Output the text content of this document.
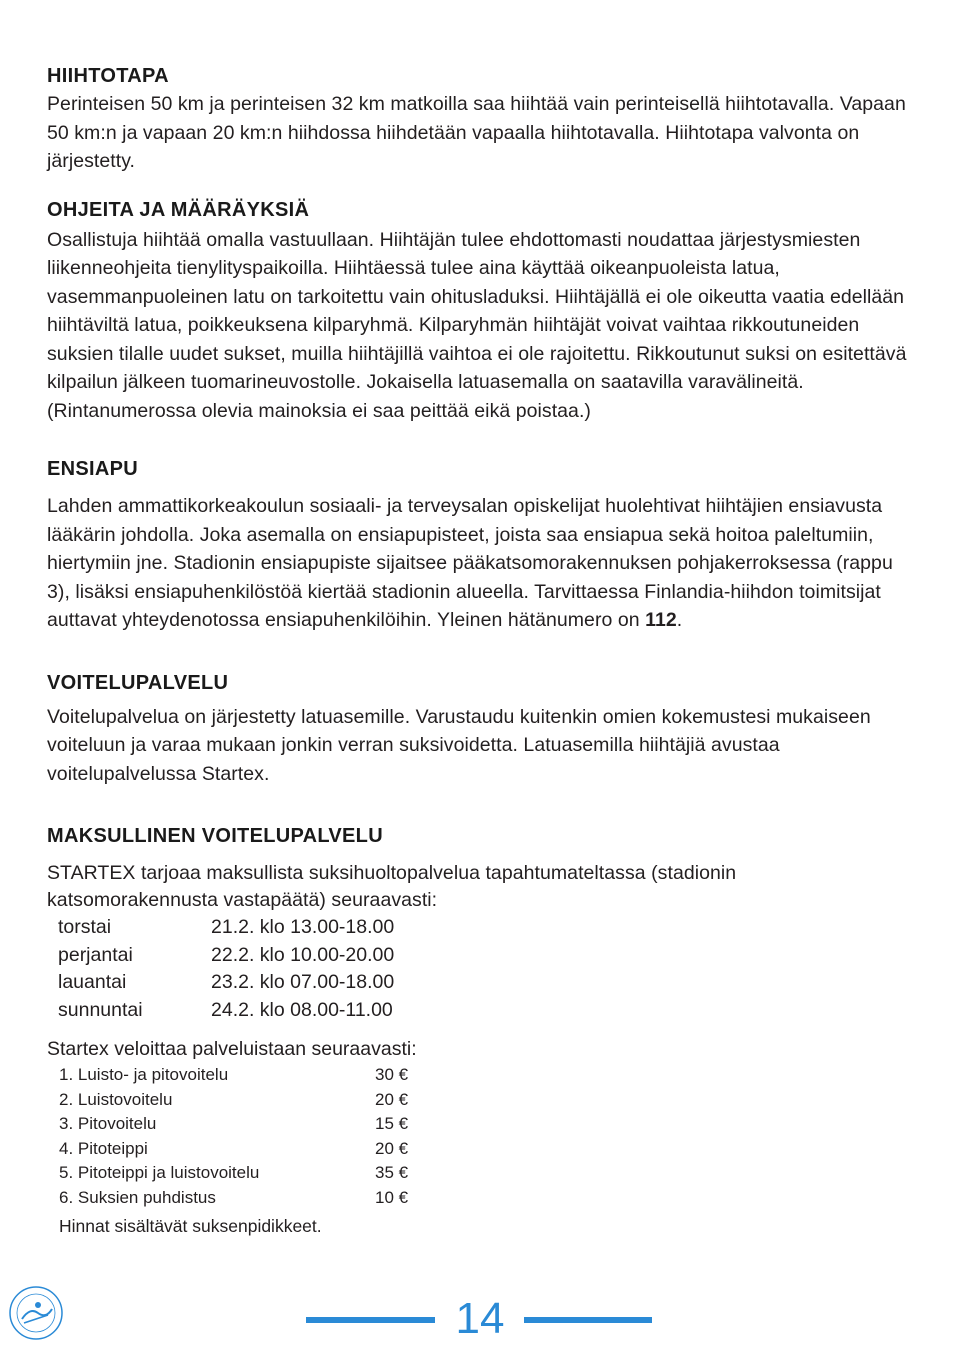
HIIHTOTAPA

Perinteisen 50 km ja perinteisen 32 km matkoilla saa hiihtää vain perinteisellä hiihtotavalla. Vapaan 50 km:n ja vapaan 20 km:n hiihdossa hiihdetään vapaalla hiihtotavalla. Hiihtotapa valvonta on järjestetty.

OHJEITA JA MÄÄRÄYKSIÄ

Osallistuja hiihtää omalla vastuullaan. Hiihtäjän tulee ehdottomasti noudattaa järjestysmiesten liikenneohjeita tienylityspaikoilla. Hiihtäessä tulee aina käyttää oikeanpuoleista latua, vasemmanpuoleinen latu on tarkoitettu vain ohitusladuksi. Hiihtäjällä ei ole oikeutta vaatia edellään hiihtäviltä latua, poikkeuksena kilparyhmä. Kilparyhmän hiihtäjät voivat vaihtaa rikkoutuneiden suksien tilalle uudet sukset, muilla hiihtäjillä vaihtoa ei ole rajoitettu. Rikkoutunut suksi on esitettävä kilpailun jälkeen tuomarineuvostolle. Jokaisella latuasemalla on saatavilla varavälineitä. (Rintanumerossa olevia mainoksia ei saa peittää eikä poistaa.)

ENSIAPU

Lahden ammattikorkeakoulun sosiaali- ja terveysalan opiskelijat huolehtivat hiihtäjien ensiavusta lääkärin johdolla. Joka asemalla on ensiapupisteet, joista saa ensiapua sekä hoitoa paleltumiin, hiertymiin jne. Stadionin ensiapupiste sijaitsee pääkatsomorakennuksen pohjakerroksessa (rappu 3), lisäksi ensiapuhenkilöstöä kiertää stadionin alueella. Tarvittaessa Finlandia-hiihdon toimitsijat auttavat yhteydenotossa ensiapuhenkilöihin. Yleinen hätänumero on 112.

VOITELUPALVELU

Voitelupalvelua on järjestetty latuasemille. Varustaudu kuitenkin omien kokemustesi mukaiseen voiteluun ja varaa mukaan jonkin verran suksivoidetta. Latuasemilla hiihtäjiä avustaa voitelupalvelussa Startex.

MAKSULLINEN VOITELUPALVELU

STARTEX tarjoaa maksullista suksihuoltopalvelua tapahtumateltassa (stadionin katsomorakennusta vastapäätä) seuraavasti:

torstai	21.2. klo 13.00-18.00
perjantai	22.2. klo 10.00-20.00
lauantai	23.2. klo 07.00-18.00
sunnuntai	24.2. klo 08.00-11.00
Startex veloittaa palveluistaan seuraavasti:
1. Luisto- ja pitovoitelu	30 €
2. Luistovoitelu	20 €
3. Pitovoitelu	15 €
4. Pitoteippi	20 €
5. Pitoteippi ja luistovoitelu	35 €
6. Suksien puhdistus	10 €
Hinnat sisältävät suksenpidikkeet.
14
